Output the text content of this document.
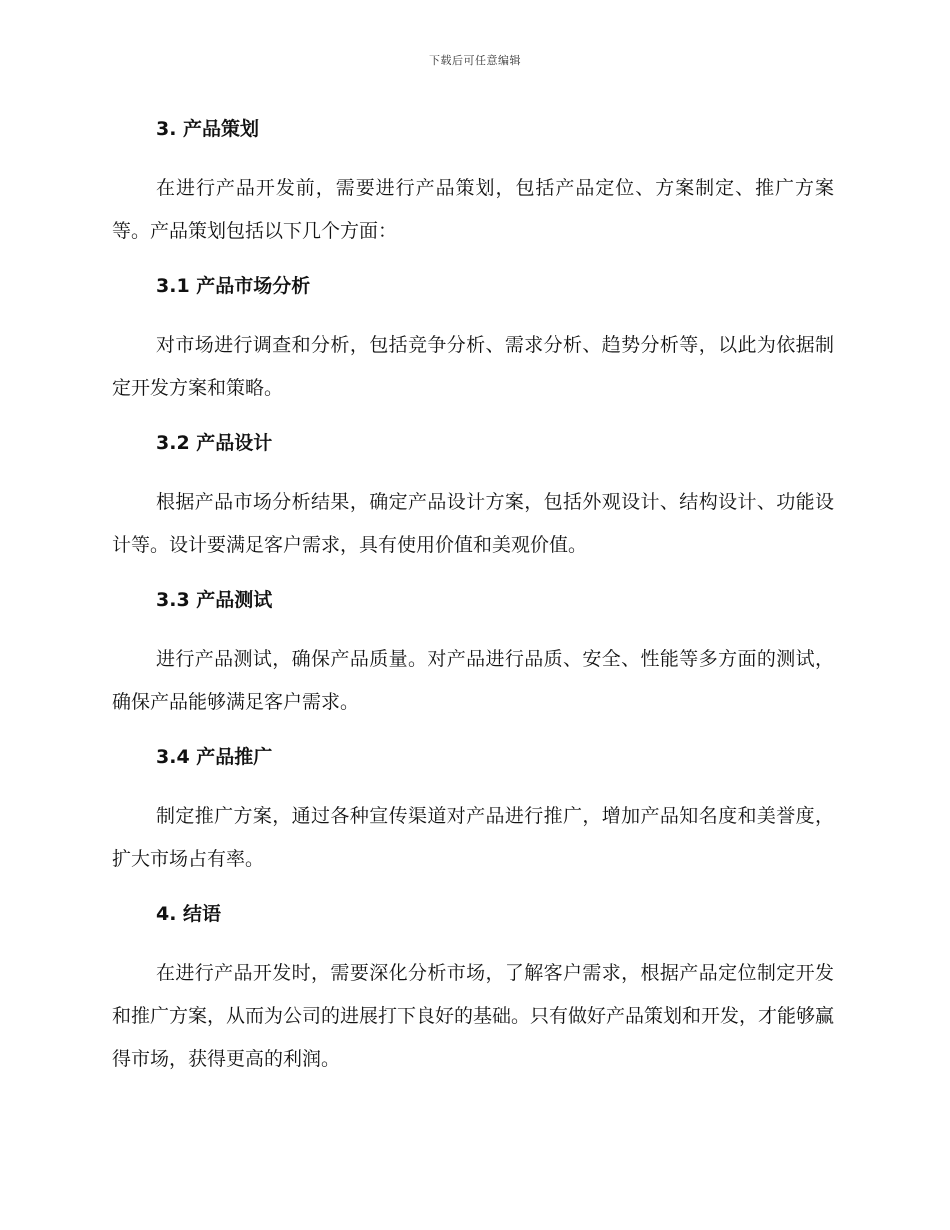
下载后可任意编辑
3. 产品策划

在进行产品开发前，需要进行产品策划，包括产品定位、方案制定、推广方案等。产品策划包括以下几个方面：

3.1 产品市场分析

对市场进行调查和分析，包括竞争分析、需求分析、趋势分析等，以此为依据制定开发方案和策略。

3.2 产品设计

根据产品市场分析结果，确定产品设计方案，包括外观设计、结构设计、功能设计等。设计要满足客户需求，具有使用价值和美观价值。

3.3 产品测试

进行产品测试，确保产品质量。对产品进行品质、安全、性能等多方面的测试，确保产品能够满足客户需求。

3.4 产品推广

制定推广方案，通过各种宣传渠道对产品进行推广，增加产品知名度和美誉度，扩大市场占有率。

4. 结语

在进行产品开发时，需要深化分析市场，了解客户需求，根据产品定位制定开发和推广方案，从而为公司的进展打下良好的基础。只有做好产品策划和开发，才能够赢得市场，获得更高的利润。
